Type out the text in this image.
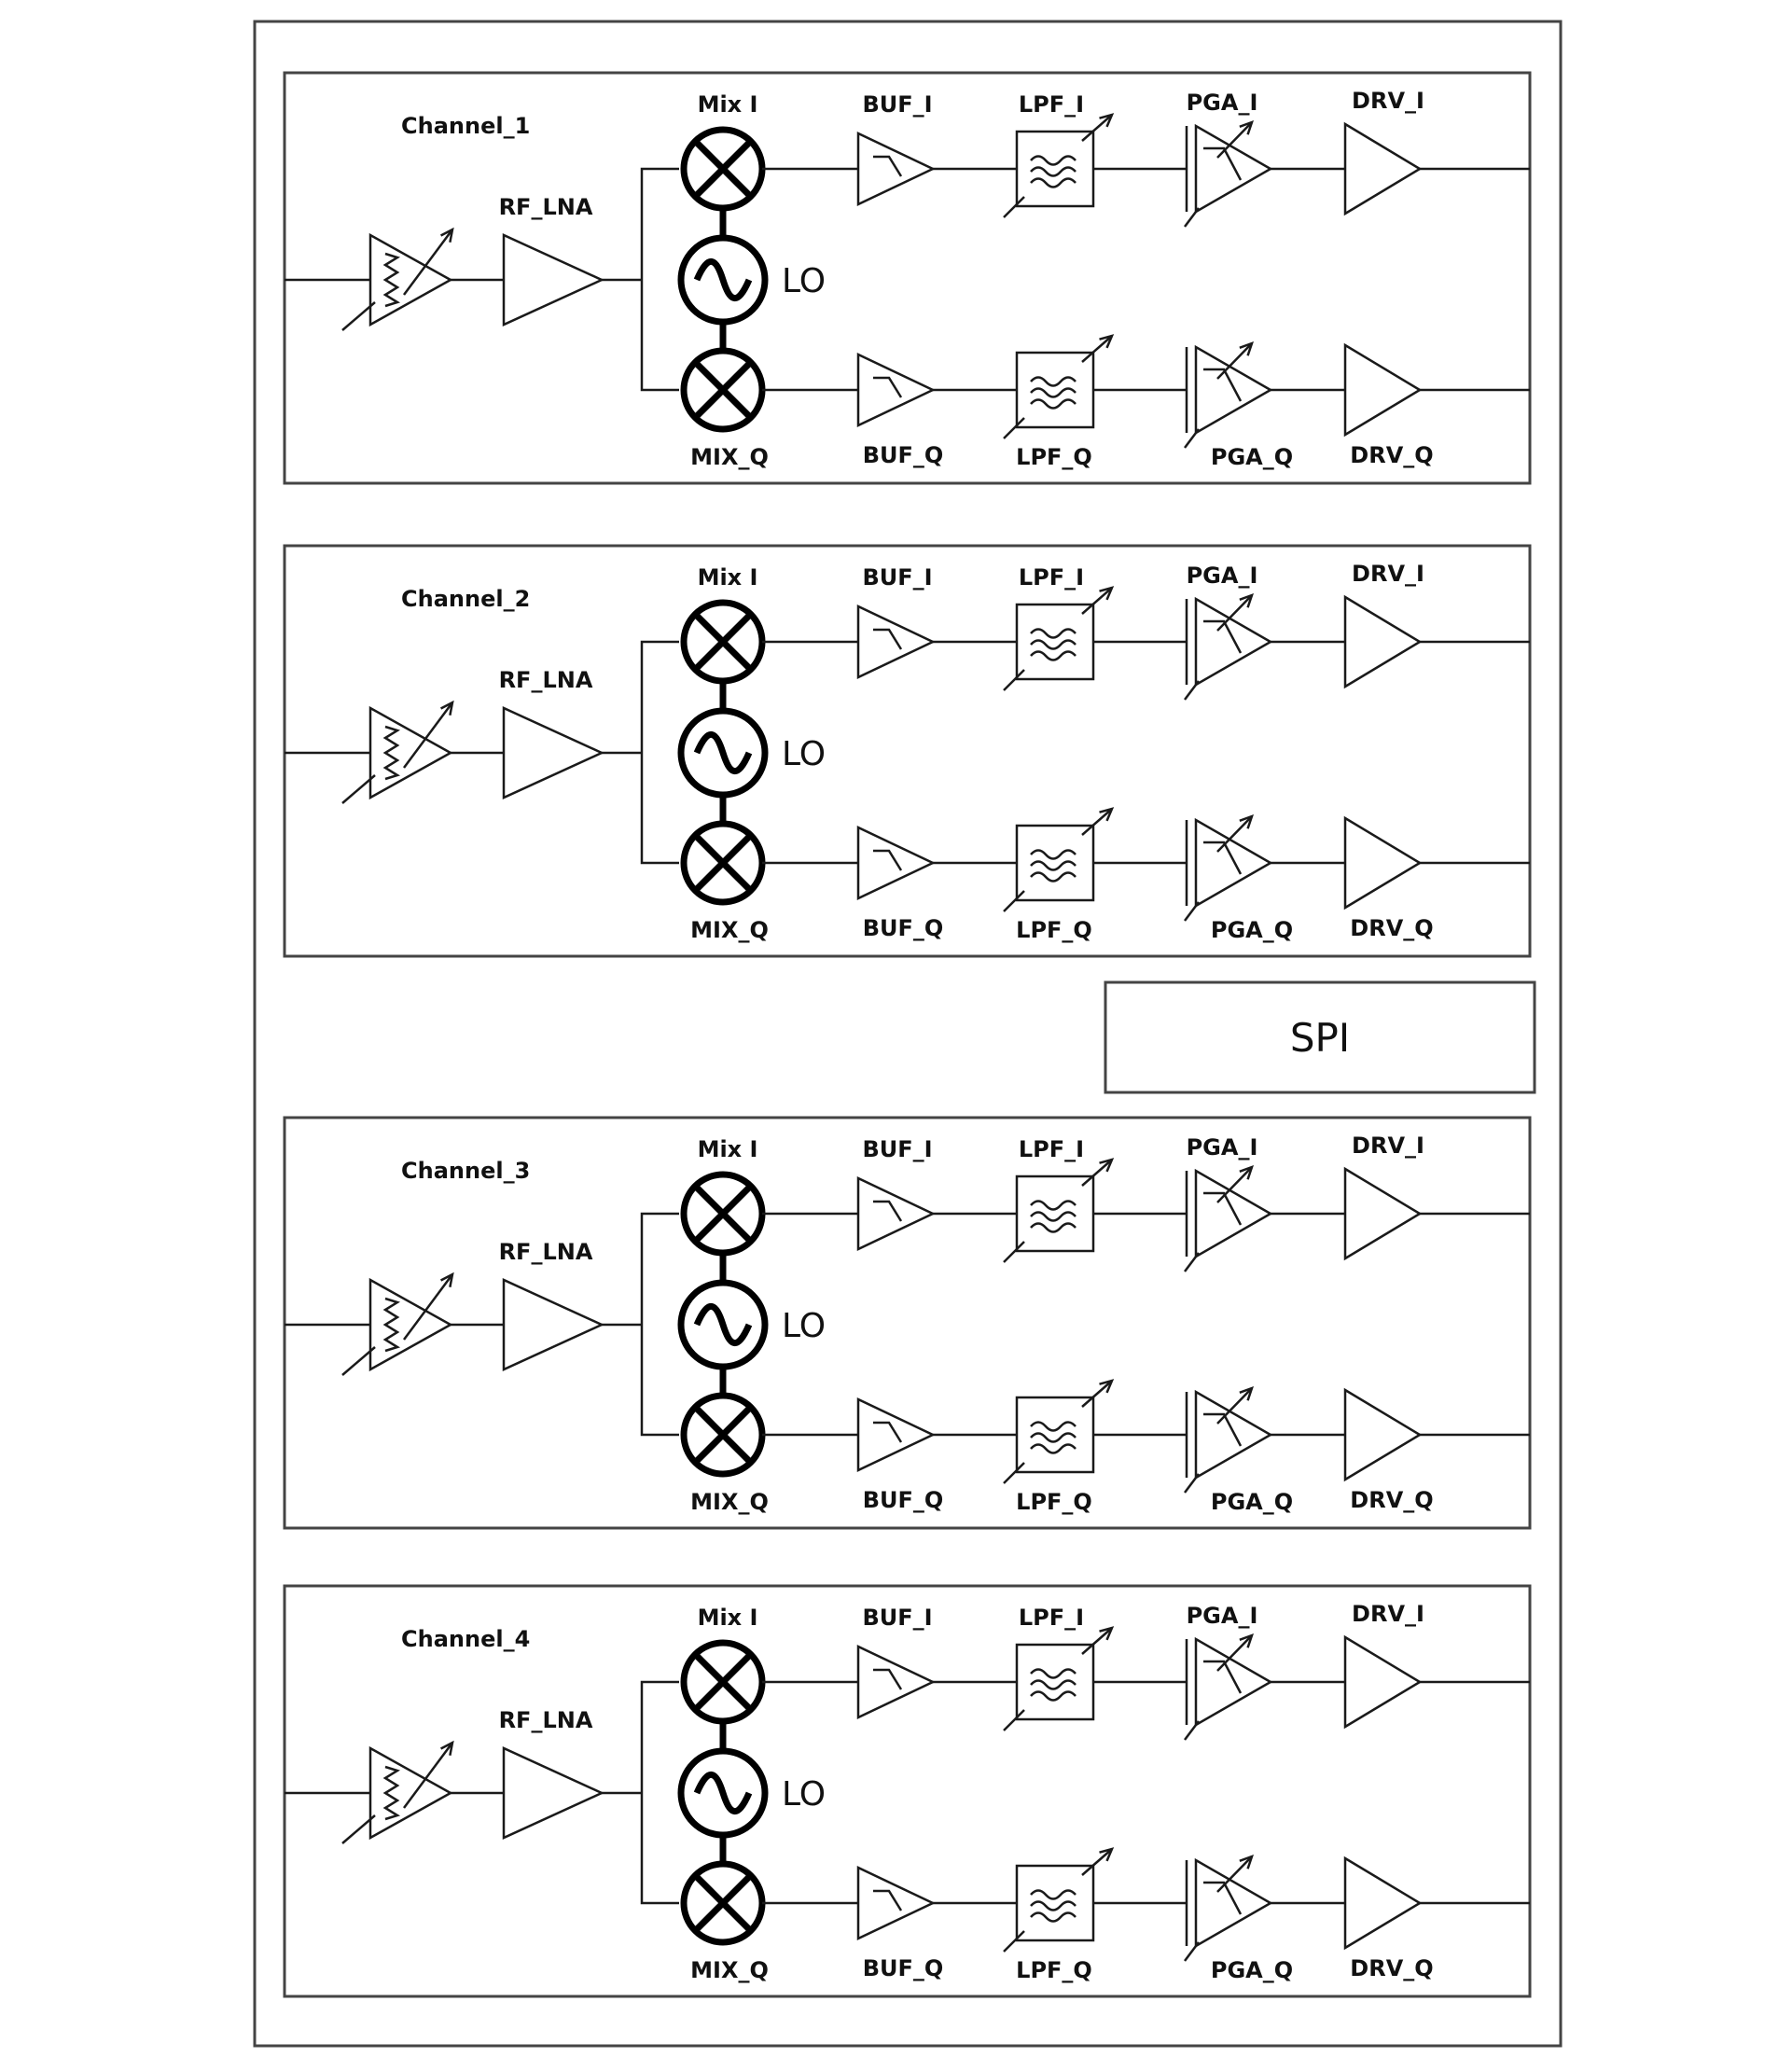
SPI
Channel_1
RF_LNA
Mix I
MIX_Q
LO
BUF_I
BUF_Q
LPF_I
LPF_Q
PGA_I
PGA_Q
DRV_I
DRV_Q
Channel_2
RF_LNA
Mix I
MIX_Q
LO
BUF_I
BUF_Q
LPF_I
LPF_Q
PGA_I
PGA_Q
DRV_I
DRV_Q
Channel_3
RF_LNA
Mix I
MIX_Q
LO
BUF_I
BUF_Q
LPF_I
LPF_Q
PGA_I
PGA_Q
DRV_I
DRV_Q
Channel_4
RF_LNA
Mix I
MIX_Q
LO
BUF_I
BUF_Q
LPF_I
LPF_Q
PGA_I
PGA_Q
DRV_I
DRV_Q
